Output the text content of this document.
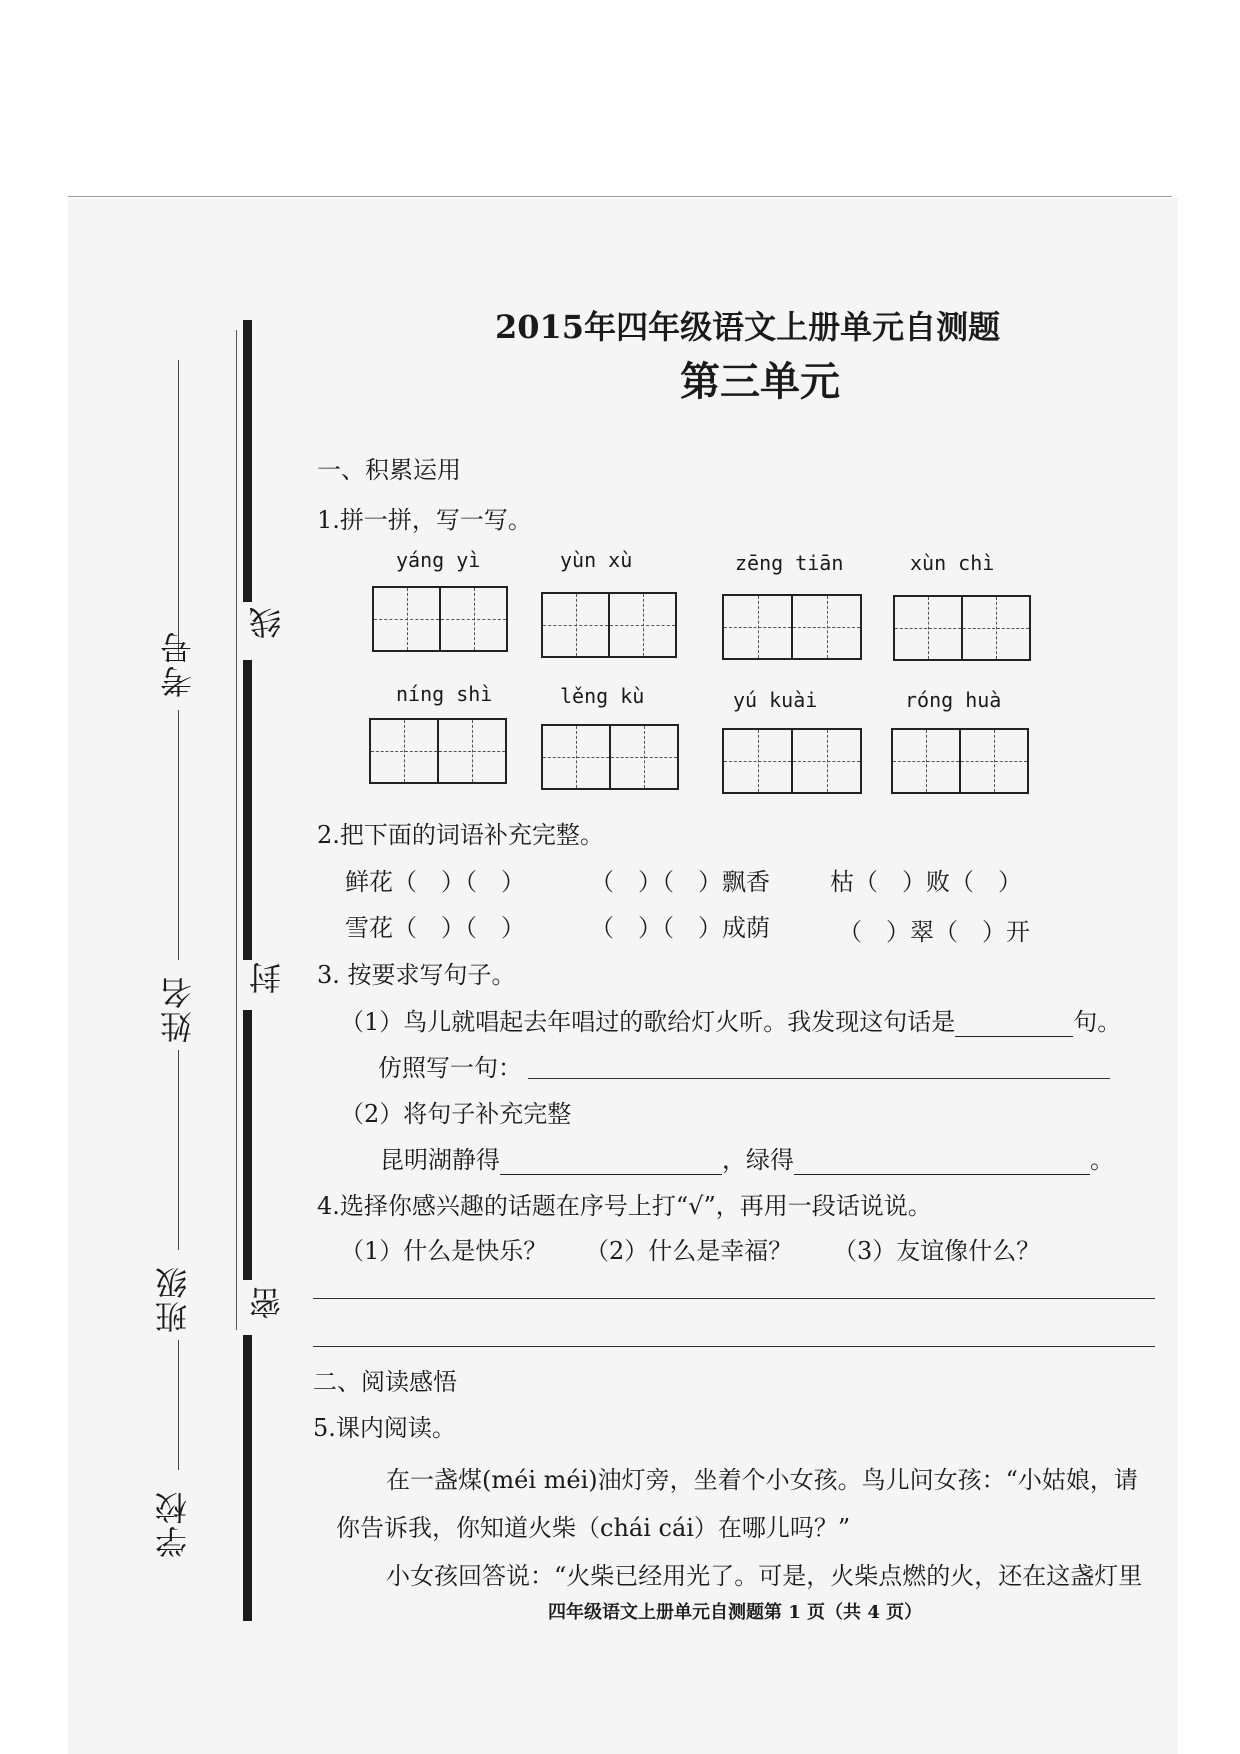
考号
姓名
班级
学校
线
封
密
2015年四年级语文上册单元自测题
第三单元
一、积累运用
1.拼一拼，写一写。
yáng yì	yùn xù	zēng tiān	xùn chì
níng shì	lěng kù	yú kuài	róng huà
2.把下面的词语补充完整。
鲜花（　）（　）	（　）（　）飘香	枯（　）败（　）
雪花（　）（　）	（　）（　）成荫	（　）翠（　）开
3. 按要求写句子。
（1）鸟儿就唱起去年唱过的歌给灯火听。我发现这句话是	句。
仿照写一句：
（2）将句子补充完整
昆明湖静得	，绿得	。
4.选择你感兴趣的话题在序号上打“√”，再用一段话说说。
（1）什么是快乐？ （2）什么是幸福？ （3）友谊像什么？
二、阅读感悟
5.课内阅读。
在一盏煤(méi méi)油灯旁，坐着个小女孩。鸟儿问女孩：“小姑娘，请
你告诉我，你知道火柴（chái cái）在哪儿吗？”
小女孩回答说：“火柴已经用光了。可是，火柴点燃的火，还在这盏灯里
四年级语文上册单元自测题第 1 页（共 4 页）
